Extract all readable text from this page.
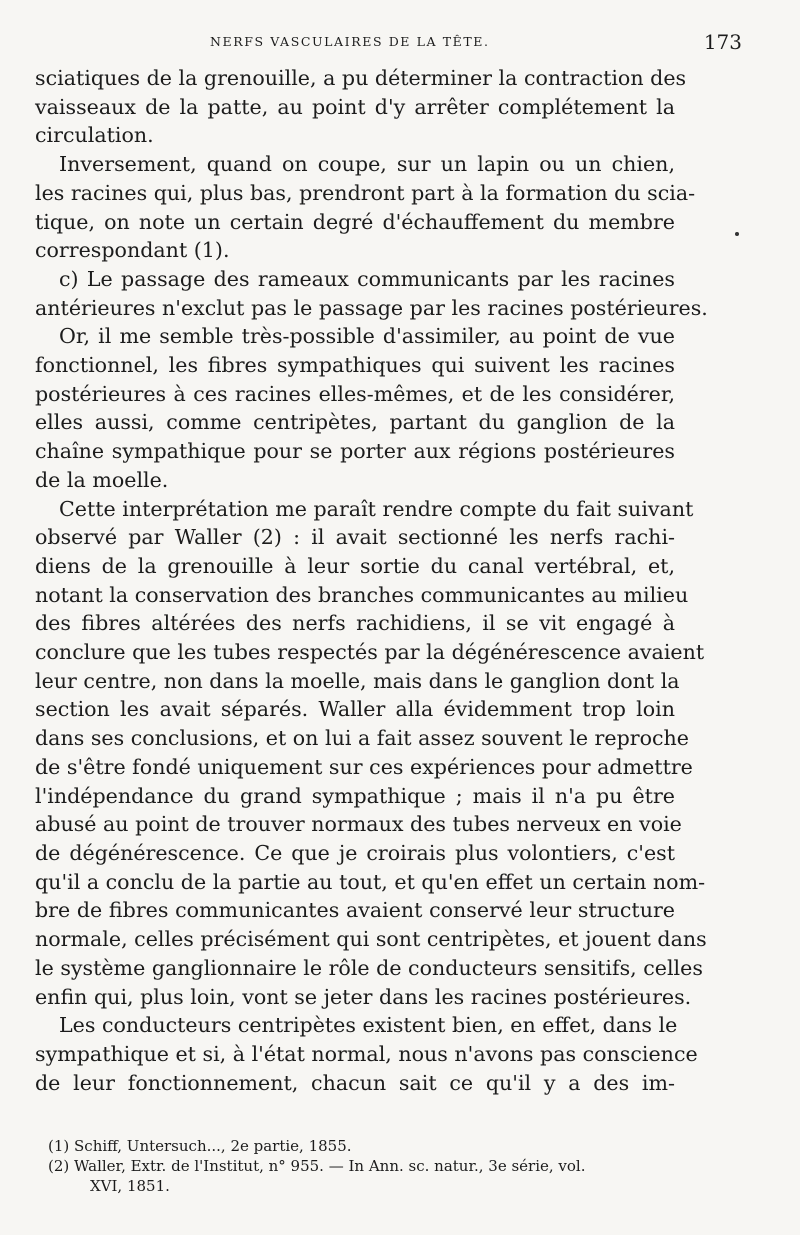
NERFS VASCULAIRES DE LA TÊTE.	173
sciatiques de la grenouille, a pu déterminer la contraction des
vaisseaux de la patte, au point d'y arrêter complétement la
circulation.
Inversement, quand on coupe, sur un lapin ou un chien,
les racines qui, plus bas, prendront part à la formation du scia-
tique, on note un certain degré d'échauffement du membre
correspondant (1).
c) Le passage des rameaux communicants par les racines
antérieures n'exclut pas le passage par les racines postérieures.
Or, il me semble très-possible d'assimiler, au point de vue
fonctionnel, les fibres sympathiques qui suivent les racines
postérieures à ces racines elles-mêmes, et de les considérer,
elles aussi, comme centripètes, partant du ganglion de la
chaîne sympathique pour se porter aux régions postérieures
de la moelle.
Cette interprétation me paraît rendre compte du fait suivant
observé par Waller (2) : il avait sectionné les nerfs rachi-
diens de la grenouille à leur sortie du canal vertébral, et,
notant la conservation des branches communicantes au milieu
des fibres altérées des nerfs rachidiens, il se vit engagé à
conclure que les tubes respectés par la dégénérescence avaient
leur centre, non dans la moelle, mais dans le ganglion dont la
section les avait séparés. Waller alla évidemment trop loin
dans ses conclusions, et on lui a fait assez souvent le reproche
de s'être fondé uniquement sur ces expériences pour admettre
l'indépendance du grand sympathique ; mais il n'a pu être
abusé au point de trouver normaux des tubes nerveux en voie
de dégénérescence. Ce que je croirais plus volontiers, c'est
qu'il a conclu de la partie au tout, et qu'en effet un certain nom-
bre de fibres communicantes avaient conservé leur structure
normale, celles précisément qui sont centripètes, et jouent dans
le système ganglionnaire le rôle de conducteurs sensitifs, celles
enfin qui, plus loin, vont se jeter dans les racines postérieures.
Les conducteurs centripètes existent bien, en effet, dans le
sympathique et si, à l'état normal, nous n'avons pas conscience
de leur fonctionnement, chacun sait ce qu'il y a des im-
(1) Schiff, Untersuch..., 2e partie, 1855.
(2) Waller, Extr. de l'Institut, n° 955. — In Ann. sc. natur., 3e série, vol.
XVI, 1851.
